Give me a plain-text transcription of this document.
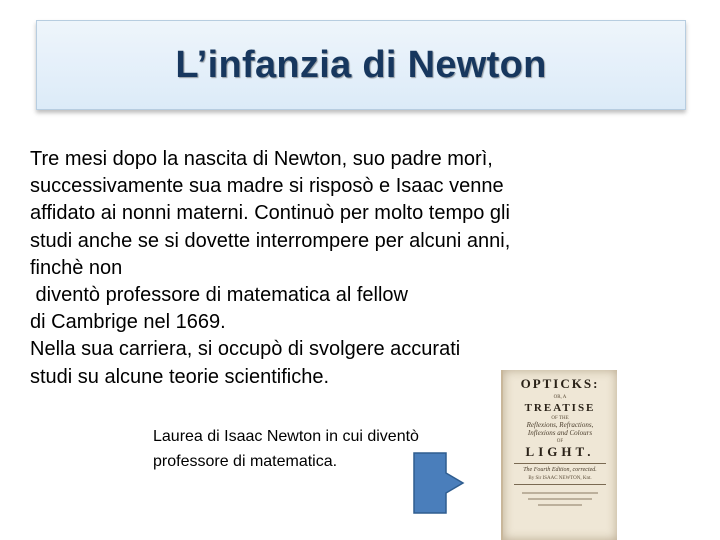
L’infanzia di Newton
Tre mesi dopo la nascita di Newton, suo padre morì,
successivamente sua madre si risposò e Isaac venne
affidato ai nonni materni. Continuò per molto tempo gli
studi anche se si dovette interrompere per alcuni anni,
finchè non
diventò professore di matematica al fellow
di Cambrige nel 1669.
Nella sua carriera, si occupò di svolgere accurati
studi su alcune teorie scientifiche.
Laurea di Isaac Newton in cui diventò
professore di matematica.
OPTICKS:
OR, A
TREATISE
OF THE
Reflexions, Refractions,
Inflexions and Colours
OF
LIGHT.
The Fourth Edition, corrected.
By Sir ISAAC NEWTON, Knt.
